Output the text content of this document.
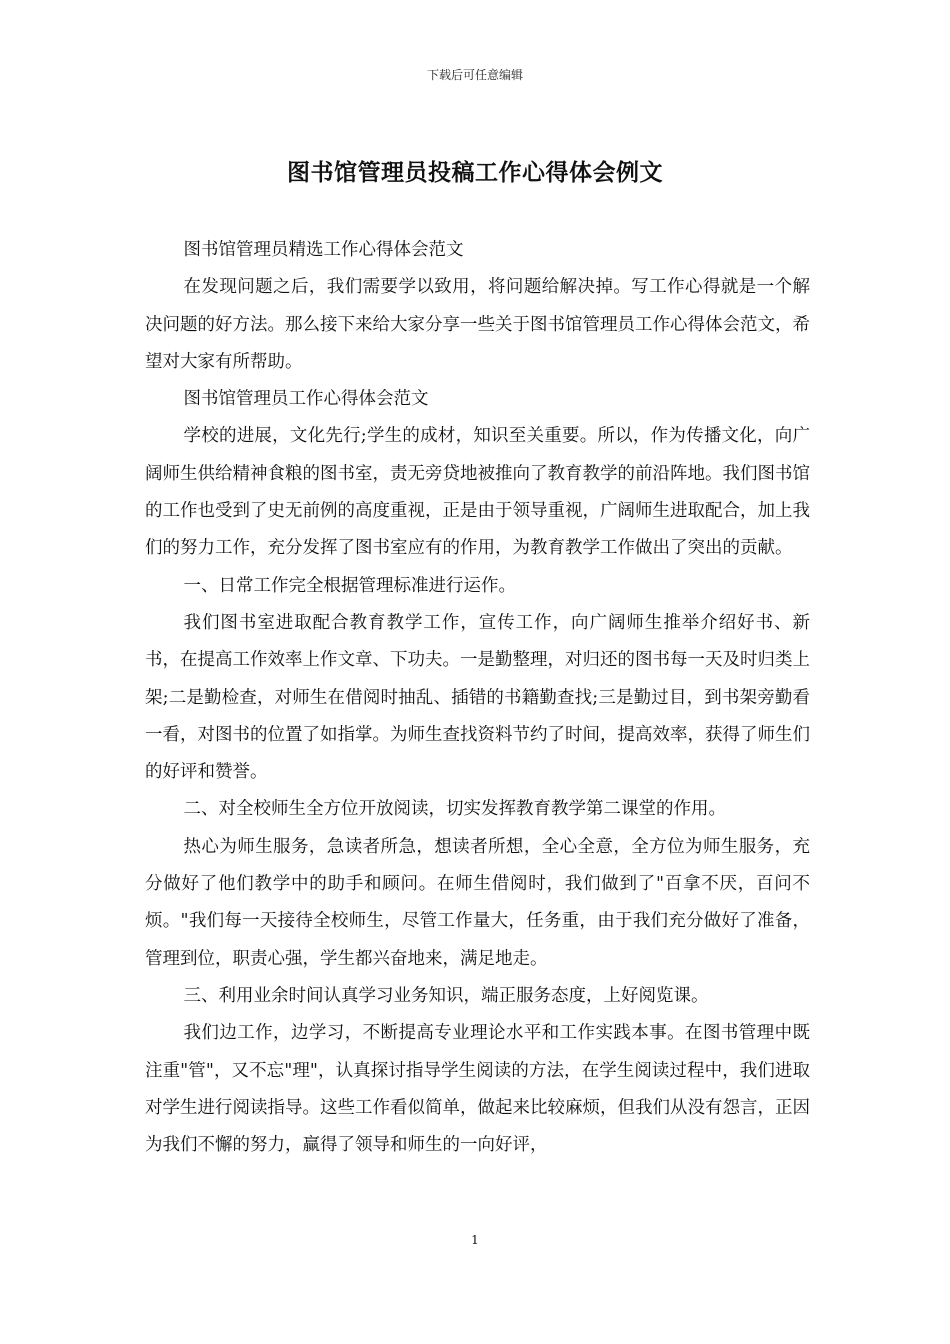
下载后可任意编辑
图书馆管理员投稿工作心得体会例文

图书馆管理员精选工作心得体会范文

在发现问题之后，我们需要学以致用，将问题给解决掉。写工作心得就是一个解决问题的好方法。那么接下来给大家分享一些关于图书馆管理员工作心得体会范文，希望对大家有所帮助。

图书馆管理员工作心得体会范文

学校的进展，文化先行;学生的成材，知识至关重要。所以，作为传播文化，向广阔师生供给精神食粮的图书室，责无旁贷地被推向了教育教学的前沿阵地。我们图书馆的工作也受到了史无前例的高度重视，正是由于领导重视，广阔师生进取配合，加上我们的努力工作，充分发挥了图书室应有的作用，为教育教学工作做出了突出的贡献。

一、日常工作完全根据管理标准进行运作。

我们图书室进取配合教育教学工作，宣传工作，向广阔师生推举介绍好书、新书，在提高工作效率上作文章、下功夫。一是勤整理，对归还的图书每一天及时归类上架;二是勤检查，对师生在借阅时抽乱、插错的书籍勤查找;三是勤过目，到书架旁勤看一看，对图书的位置了如指掌。为师生查找资料节约了时间，提高效率，获得了师生们的好评和赞誉。

二、对全校师生全方位开放阅读，切实发挥教育教学第二课堂的作用。

热心为师生服务，急读者所急，想读者所想，全心全意，全方位为师生服务，充分做好了他们教学中的助手和顾问。在师生借阅时，我们做到了"百拿不厌，百问不烦。"我们每一天接待全校师生，尽管工作量大，任务重，由于我们充分做好了准备，管理到位，职责心强，学生都兴奋地来，满足地走。

三、利用业余时间认真学习业务知识，端正服务态度，上好阅览课。

我们边工作，边学习，不断提高专业理论水平和工作实践本事。在图书管理中既注重"管"，又不忘"理"，认真探讨指导学生阅读的方法，在学生阅读过程中，我们进取对学生进行阅读指导。这些工作看似简单，做起来比较麻烦，但我们从没有怨言，正因为我们不懈的努力，赢得了领导和师生的一向好评，

1
